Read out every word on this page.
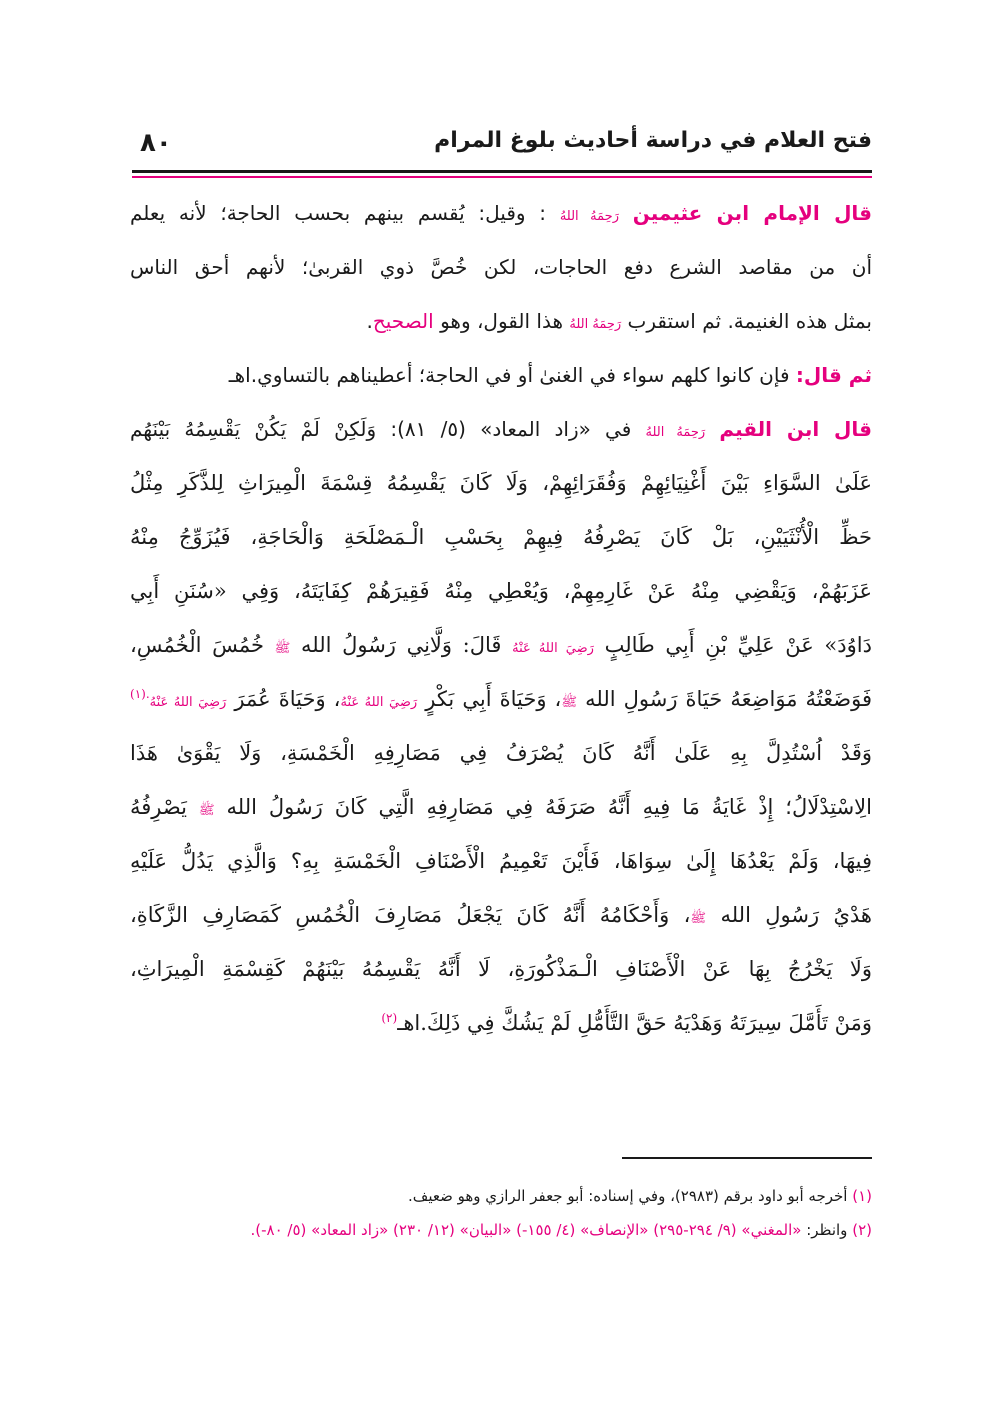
٨٠	فتح العلام في دراسة أحاديث بلوغ المرام
قال الإمام ابن عثيمين رَحِمَهُ اللهُ : وقيل: يُقسم بينهم بحسب الحاجة؛ لأنه يعلم
أن من مقاصد الشرع دفع الحاجات، لكن خُصَّ ذوي القربىٰ؛ لأنهم أحق الناس
بمثل هذه الغنيمة. ثم استقرب رَحِمَهُ اللهُ هذا القول، وهو الصحيح.
ثم قال: فإن كانوا كلهم سواء في الغنىٰ أو في الحاجة؛ أعطيناهم بالتساوي.اهـ
قال ابن القيم رَحِمَهُ اللهُ في «زاد المعاد» (٥/ ٨١): وَلَكِنْ لَمْ يَكُنْ يَقْسِمُهُ بَيْنَهُم
عَلَىٰ السَّوَاءِ بَيْنَ أَغْنِيَائِهِمْ وَفُقَرَائِهِمْ، وَلَا كَانَ يَقْسِمُهُ قِسْمَةَ الْمِيرَاثِ لِلذَّكَرِ مِثْلُ
حَظِّ الْأُنْثَيَيْنِ، بَلْ كَانَ يَصْرِفُهُ فِيهِمْ بِحَسْبِ الْـمَصْلَحَةِ وَالْحَاجَةِ، فَيُزَوِّجُ مِنْهُ
عَزَبَهُمْ، وَيَقْضِي مِنْهُ عَنْ غَارِمِهِمْ، وَيُعْطِي مِنْهُ فَقِيرَهُمْ كِفَايَتَهُ، وَفِي «سُنَنِ أَبِي
دَاوُدَ» عَنْ عَلِيِّ بْنِ أَبِي طَالِبٍ رَضِيَ اللهُ عَنْهُ قَالَ: وَلَّانِي رَسُولُ الله ﷺ خُمُسَ الْخُمُسِ،
فَوَضَعْتُهُ مَوَاضِعَهُ حَيَاةَ رَسُولِ الله ﷺ، وَحَيَاةَ أَبِي بَكْرٍ رَضِيَ اللهُ عَنْهُ، وَحَيَاةَ عُمَرَ رَضِيَ اللهُ عَنْهُ$^{.(١)}$
وَقَدْ اُسْتُدِلَّ بِهِ عَلَىٰ أَنَّهُ كَانَ يُصْرَفُ فِي مَصَارِفِهِ الْخَمْسَةِ، وَلَا يَقْوَىٰ هَذَا
الِاسْتِدْلَالُ؛ إِذْ غَايَةُ مَا فِيهِ أَنَّهُ صَرَفَهُ فِي مَصَارِفِهِ الَّتِي كَانَ رَسُولُ الله ﷺ يَصْرِفُهُ
فِيهَا، وَلَمْ يَعْدُهَا إِلَىٰ سِوَاهَا، فَأَيْنَ تَعْمِيمُ الْأَصْنَافِ الْخَمْسَةِ بِهِ؟ وَالَّذِي يَدُلُّ عَلَيْهِ
هَدْيُ رَسُولِ الله ﷺ، وَأَحْكَامُهُ أَنَّهُ كَانَ يَجْعَلُ مَصَارِفَ الْخُمُسِ كَمَصَارِفِ الزَّكَاةِ،
وَلَا يَخْرُجُ بِهَا عَنْ الْأَصْنَافِ الْـمَذْكُورَةِ، لَا أَنَّهُ يَقْسِمُهُ بَيْنَهُمْ كَقِسْمَةِ الْمِيرَاثِ،
وَمَنْ تَأَمَّلَ سِيرَتَهُ وَهَدْيَهُ حَقَّ التَّأَمُّلِ لَمْ يَشُكَّ فِي ذَلِكَ.اهـ$^{(٢)}$
(١) أخرجه أبو داود برقم (٢٩٨٣)، وفي إسناده: أبو جعفر الرازي وهو ضعيف.
(٢) وانظر: «المغني» (٩/ ٢٩٤-٢٩٥) «الإنصاف» (٤/ ١٥٥-) «البيان» (١٢/ ٢٣٠) «زاد المعاد» (٥/ ٨٠-).
